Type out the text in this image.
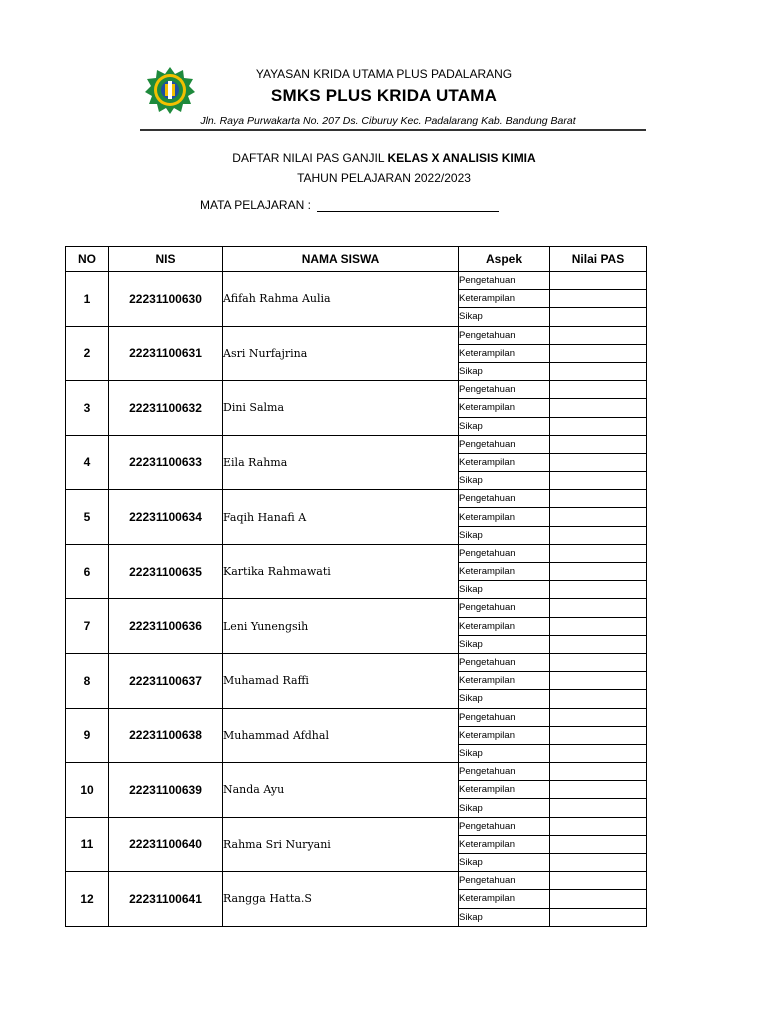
YAYASAN KRIDA UTAMA PLUS PADALARANG
SMKS PLUS KRIDA UTAMA
Jln. Raya Purwakarta No. 207 Ds. Ciburuy Kec. Padalarang Kab. Bandung Barat
DAFTAR NILAI PAS GANJIL KELAS X ANALISIS KIMIA
TAHUN PELAJARAN 2022/2023
MATA PELAJARAN :
NO	NIS	NAMA SISWA	Aspek	Nilai PAS
1	22231100630	Afifah Rahma Aulia	Pengetahuan	
			Keterampilan	
			Sikap	
2	22231100631	Asri Nurfajrina	Pengetahuan	
			Keterampilan	
			Sikap	
3	22231100632	Dini Salma	Pengetahuan	
			Keterampilan	
			Sikap	
4	22231100633	Eila Rahma	Pengetahuan	
			Keterampilan	
			Sikap	
5	22231100634	Faqih Hanafi A	Pengetahuan	
			Keterampilan	
			Sikap	
6	22231100635	Kartika Rahmawati	Pengetahuan	
			Keterampilan	
			Sikap	
7	22231100636	Leni Yunengsih	Pengetahuan	
			Keterampilan	
			Sikap	
8	22231100637	Muhamad Raffi	Pengetahuan	
			Keterampilan	
			Sikap	
9	22231100638	Muhammad Afdhal	Pengetahuan	
			Keterampilan	
			Sikap	
10	22231100639	Nanda Ayu	Pengetahuan	
			Keterampilan	
			Sikap	
11	22231100640	Rahma Sri Nuryani	Pengetahuan	
			Keterampilan	
			Sikap	
12	22231100641	Rangga Hatta.S	Pengetahuan	
			Keterampilan	
			Sikap	
